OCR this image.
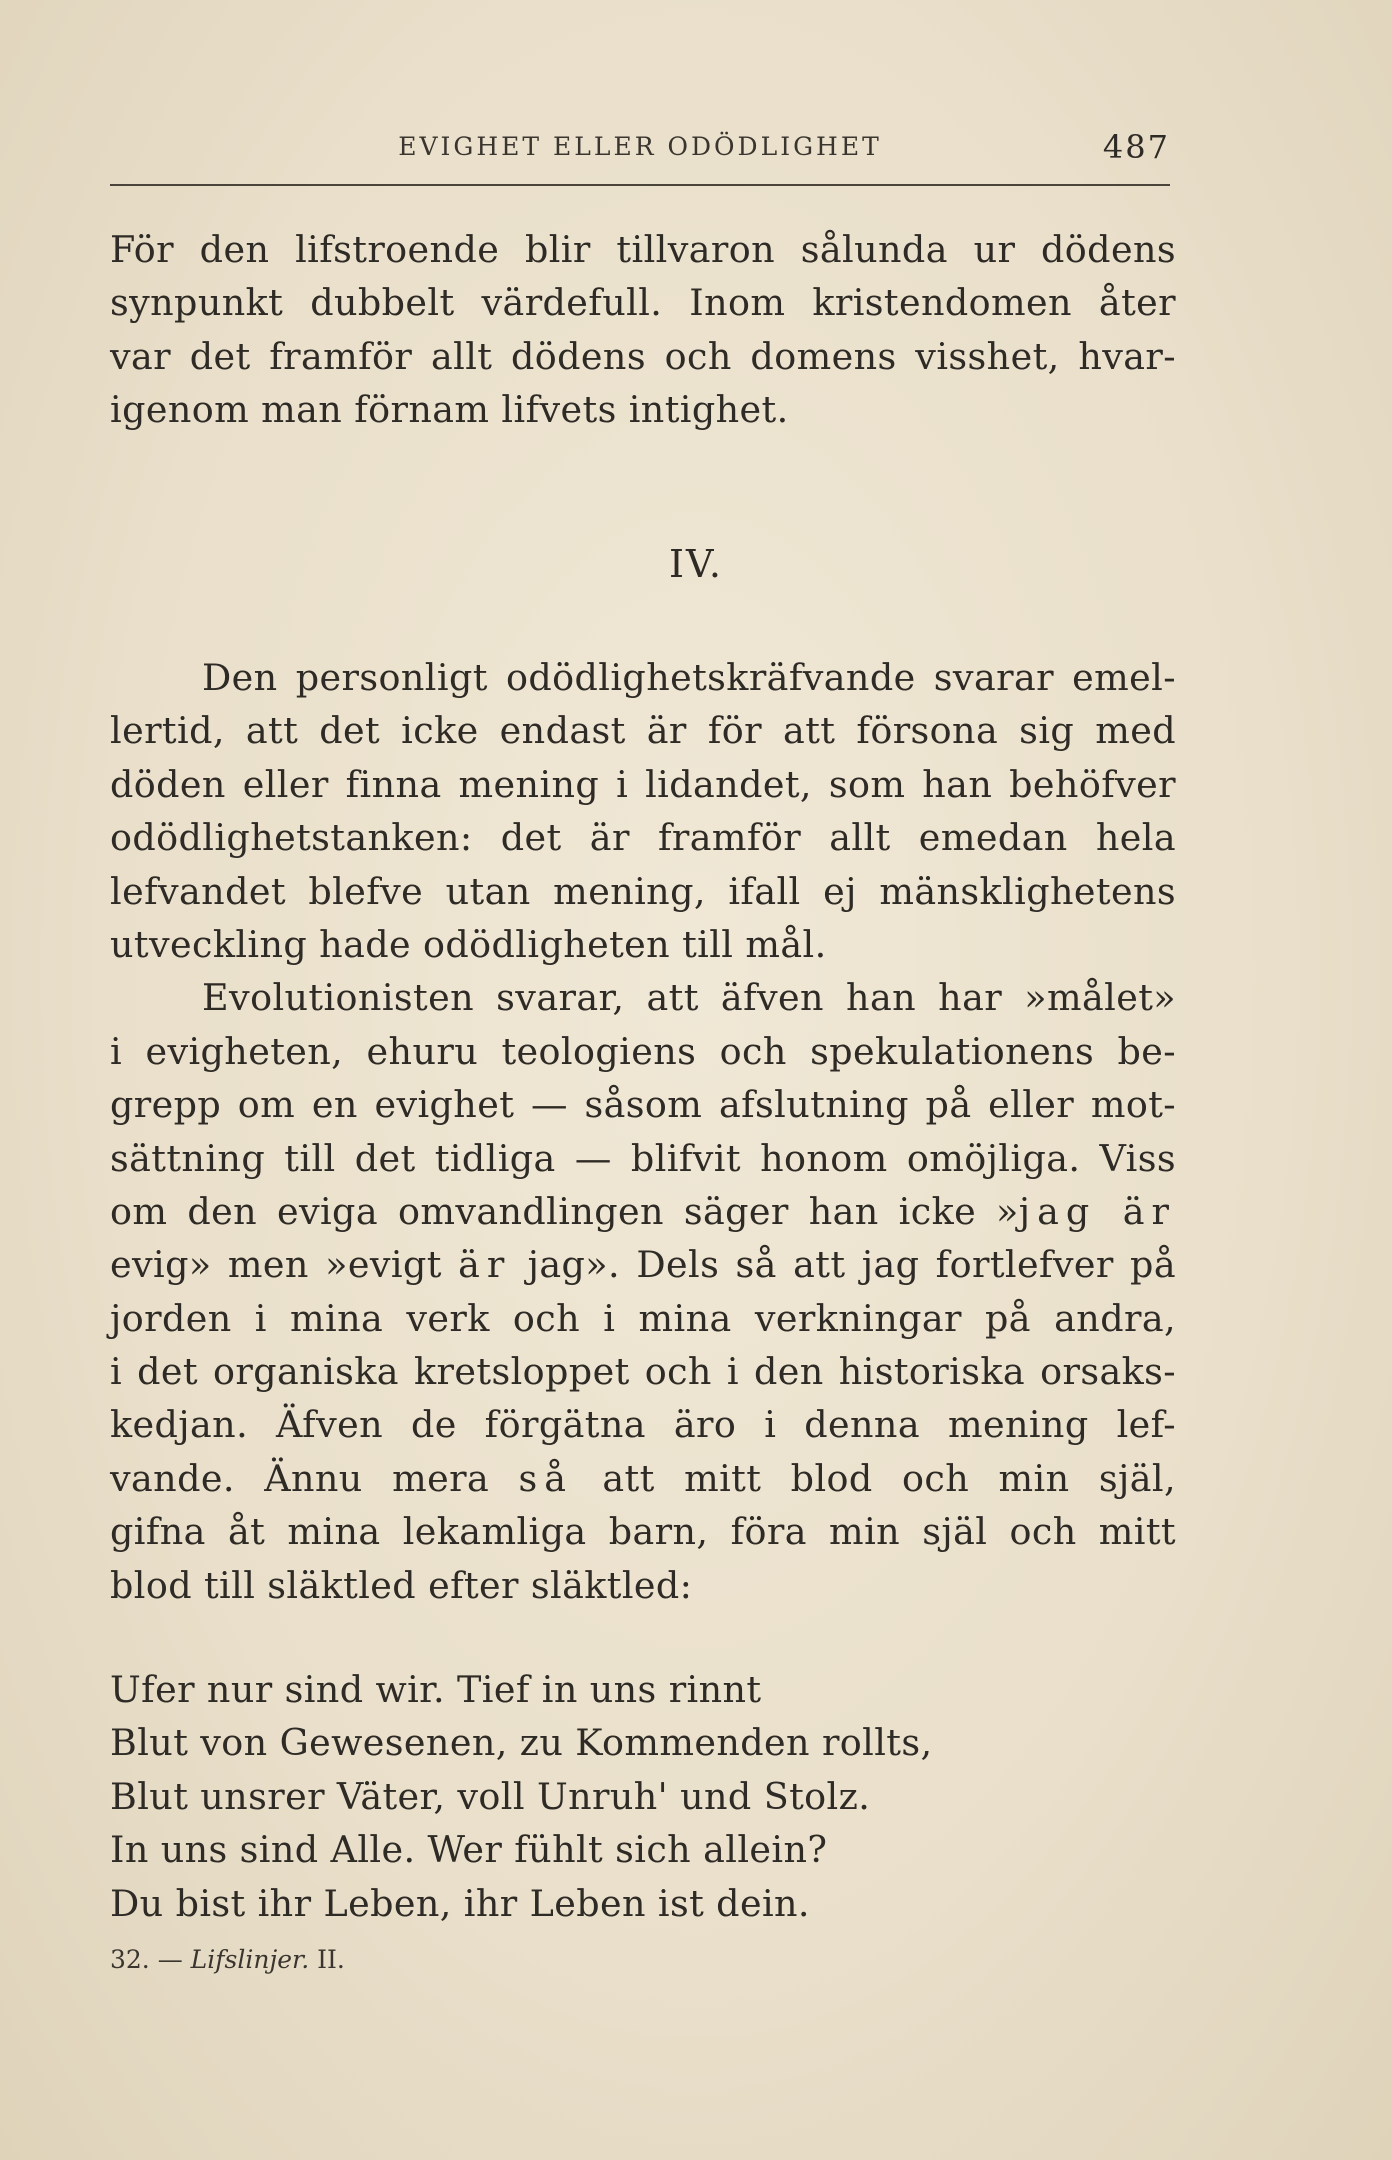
EVIGHET ELLER ODÖDLIGHET	487
För den lifstroende blir tillvaron sålunda ur dödens
synpunkt dubbelt värdefull. Inom kristendomen åter
var det framför allt dödens och domens visshet, hvar-
igenom man förnam lifvets intighet.
IV.
Den personligt odödlighetskräfvande svarar emel-
lertid, att det icke endast är för att försona sig med
döden eller finna mening i lidandet, som han behöfver
odödlighetstanken: det är framför allt emedan hela
lefvandet blefve utan mening, ifall ej mänsklighetens
utveckling hade odödligheten till mål.
Evolutionisten svarar, att äfven han har »målet»
i evigheten, ehuru teologiens och spekulationens be-
grepp om en evighet — såsom afslutning på eller mot-
sättning till det tidliga — blifvit honom omöjliga. Viss
om den eviga omvandlingen säger han icke »jag är
evig» men »evigt är jag». Dels så att jag fortlefver på
jorden i mina verk och i mina verkningar på andra,
i det organiska kretsloppet och i den historiska orsaks-
kedjan. Äfven de förgätna äro i denna mening lef-
vande. Ännu mera så att mitt blod och min själ,
gifna åt mina lekamliga barn, föra min själ och mitt
blod till släktled efter släktled:
Ufer nur sind wir. Tief in uns rinnt
Blut von Gewesenen, zu Kommenden rollts,
Blut unsrer Väter, voll Unruh' und Stolz.
In uns sind Alle. Wer fühlt sich allein?
Du bist ihr Leben, ihr Leben ist dein.
32. — Lifslinjer. II.
